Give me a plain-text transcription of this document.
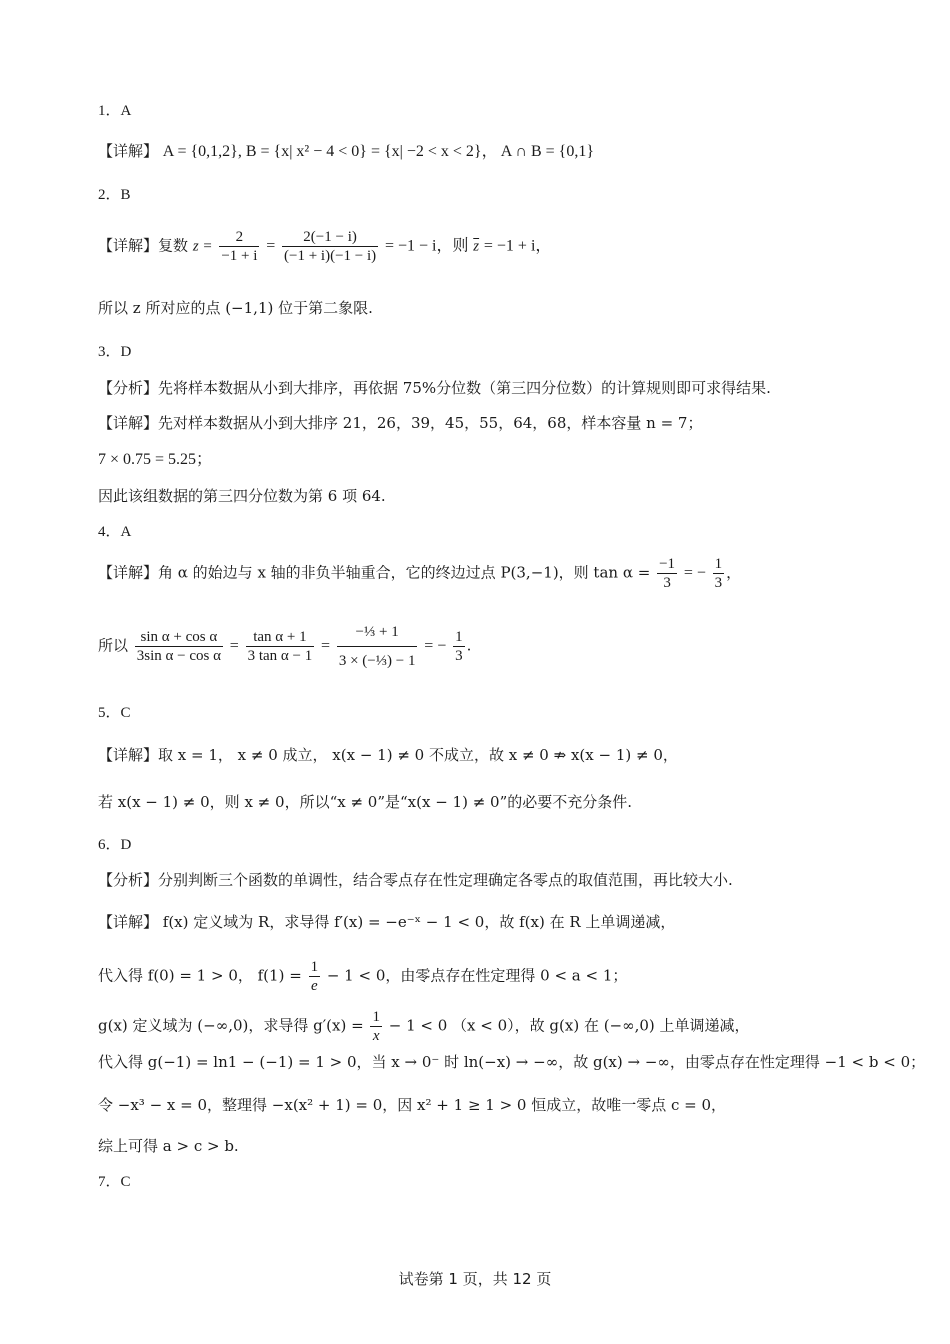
1．A
【详解】 A = {0,1,2}, B = {x| x² − 4 < 0} = {x| −2 < x < 2}， A ∩ B = {0,1}
2．B
【详解】复数 $z = \frac{2}{-1 + i} = \frac{2(-1 - i)}{(-1 + i)(-1 - i)} = -1 - i$，则 $\overline{z} = -1 + i$，
所以 z 所对应的点 (−1,1) 位于第二象限.
3．D
【分析】先将样本数据从小到大排序，再依据 75%分位数（第三四分位数）的计算规则即可求得结果.
【详解】先对样本数据从小到大排序 21，26，39，45，55，64，68，样本容量 n = 7；
7 × 0.75 = 5.25；
因此该组数据的第三四分位数为第 6 项 64.
4．A
【详解】角 α 的始边与 x 轴的非负半轴重合，它的终边过点 P(3,−1)，则 $\tan \alpha = \frac{-1}{3}$ = − $\frac{1}{3}$ ，
所以 $\frac{\text{sin α + cos α}}{\text{3sin α − cos α}} = \frac{\text{tan α + 1}}{\text{3 tan α − 1}} = \frac{\text{−⅓ + 1}}{\text{3 × (−⅓) − 1}}$ = − $\frac{1}{3}$ .
5．C
【详解】取 x = 1， x ≠ 0 成立， x(x − 1) ≠ 0 不成立，故 x ≠ 0 ⇏ x(x − 1) ≠ 0，
若 x(x − 1) ≠ 0，则 x ≠ 0，所以“x ≠ 0”是“x(x − 1) ≠ 0”的必要不充分条件.
6．D
【分析】分别判断三个函数的单调性，结合零点存在性定理确定各零点的取值范围，再比较大小.
【详解】 f(x) 定义域为 R，求导得 f′(x) = −e⁻ˣ − 1 < 0，故 f(x) 在 R 上单调递减，
代入得 f(0) = 1 > 0， $f(1) = \frac{1}{e} - 1 < 0$，由零点存在性定理得 0 < a < 1；
g(x) 定义域为 (−∞,0)，求导得 $g'(x) = \frac{1}{x} - 1 < 0$ （x < 0），故 g(x) 在 (−∞,0) 上单调递减，
代入得 g(−1) = ln1 − (−1) = 1 > 0，当 x → 0⁻ 时 ln(−x) → −∞，故 g(x) → −∞，由零点存在性定理得 −1 < b < 0；
令 −x³ − x = 0，整理得 −x(x² + 1) = 0，因 x² + 1 ≥ 1 > 0 恒成立，故唯一零点 c = 0，
综上可得 a > c > b.
7．C
试卷第 1 页，共 12 页
